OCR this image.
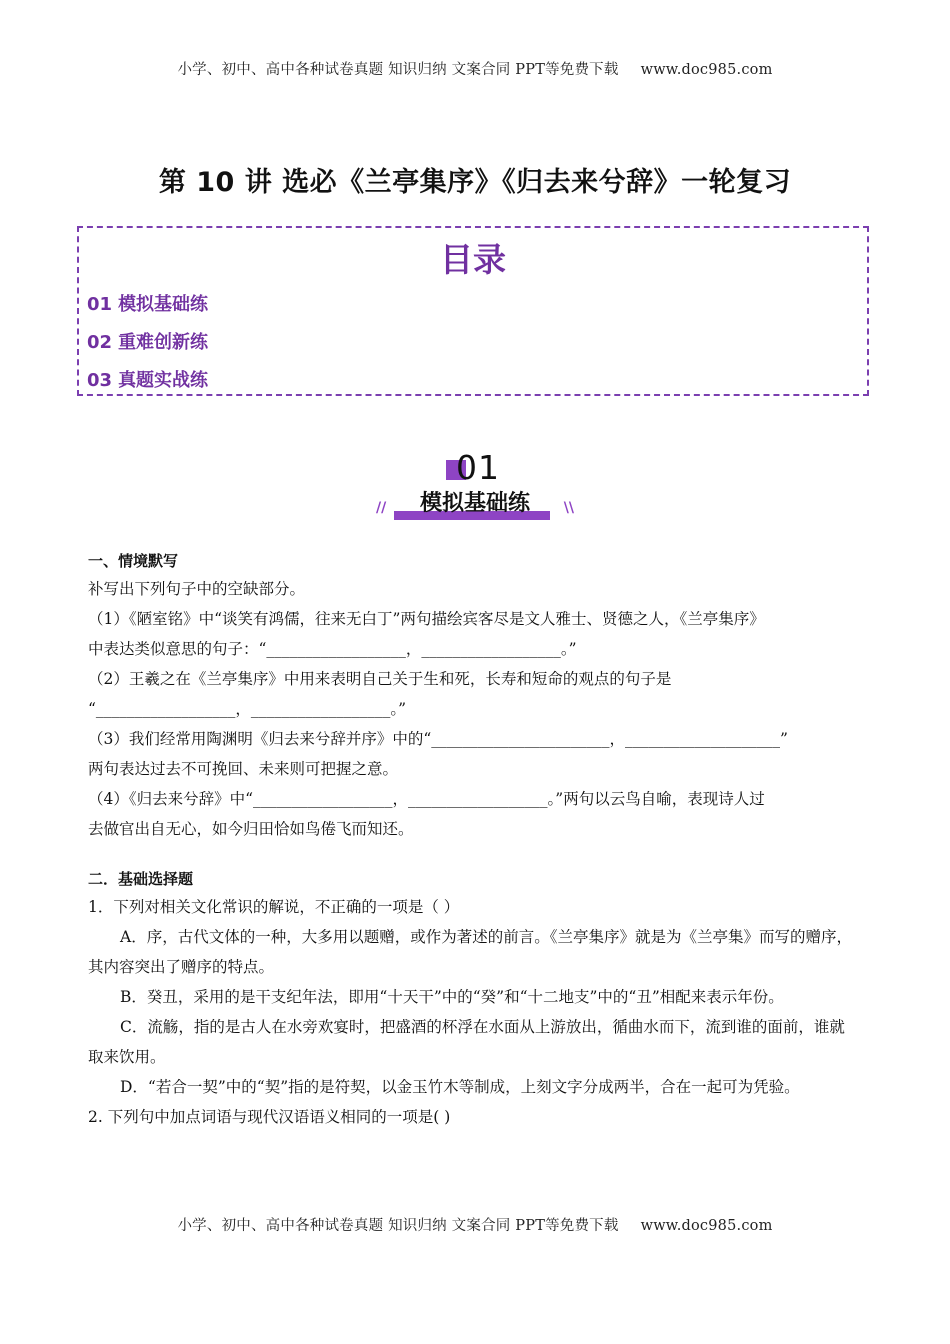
小学、初中、高中各种试卷真题 知识归纳 文案合同 PPT等免费下载 www.doc985.com
第 10 讲 选必《兰亭集序》《归去来兮辞》一轮复习
目录
01 模拟基础练
02 重难创新练
03 真题实战练
01
模拟基础练
//	\\

一、情境默写

补写出下列句子中的空缺部分。

（1）《陋室铭》中“谈笑有鸿儒，往来无白丁”两句描绘宾客尽是文人雅士、贤德之人，《兰亭集序》

中表达类似意思的句子：“__________________，__________________。”

（2）王羲之在《兰亭集序》中用来表明自己关于生和死，长寿和短命的观点的句子是

“__________________，__________________。”

（3）我们经常用陶渊明《归去来兮辞并序》中的“_______________________，____________________”

两句表达过去不可挽回、未来则可把握之意。

（4）《归去来兮辞》中“__________________，__________________。”两句以云鸟自喻，表现诗人过

去做官出自无心，如今归田恰如鸟倦飞而知还。

二．基础选择题

1．下列对相关文化常识的解说，不正确的一项是（ ）

A．序，古代文体的一种，大多用以题赠，或作为著述的前言。《兰亭集序》就是为《兰亭集》而写的赠序，其内容突出了赠序的特点。

B．癸丑，采用的是干支纪年法，即用“十天干”中的“癸”和“十二地支”中的“丑”相配来表示年份。

C．流觞，指的是古人在水旁欢宴时，把盛酒的杯浮在水面从上游放出，循曲水而下，流到谁的面前，谁就取来饮用。

D．“若合一契”中的“契”指的是符契，以金玉竹木等制成，上刻文字分成两半，合在一起可为凭验。

2. 下列句中加点词语与现代汉语语义相同的一项是( )

小学、初中、高中各种试卷真题 知识归纳 文案合同 PPT等免费下载 www.doc985.com
